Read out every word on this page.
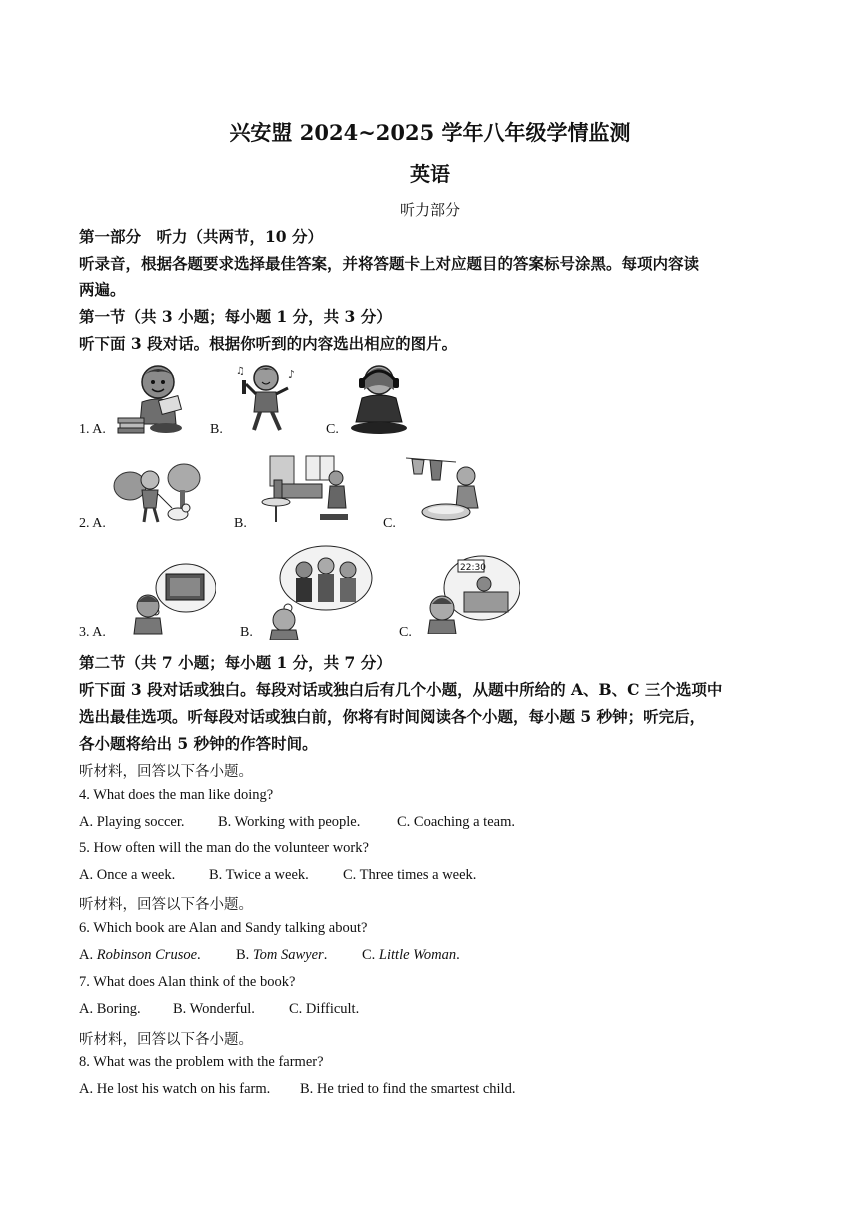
兴安盟 2024~2025 学年八年级学情监测
英语
听力部分
第一部分　听力（共两节，10 分）
听录音，根据各题要求选择最佳答案，并将答题卡上对应题目的答案标号涂黑。每项内容读
两遍。
第一节（共 3 小题；每小题 1 分，共 3 分）
听下面 3 段对话。根据你听到的内容选出相应的图片。
1. A.	B.	C.
♪
♫
2. A.	B.	C.
3. A.	B.	C.
22:30
第二节（共 7 小题；每小题 1 分，共 7 分）
听下面 3 段对话或独白。每段对话或独白后有几个小题，从题中所给的 A、B、C 三个选项中
选出最佳选项。听每段对话或独白前，你将有时间阅读各个小题，每小题 5 秒钟；听完后，
各小题将给出 5 秒钟的作答时间。
听材料，回答以下各小题。
4. What does the man like doing?
A. Playing soccer. B. Working with people.	C. Coaching a team.
5. How often will the man do the volunteer work?
A. Once a week. B. Twice a week. C. Three times a week.
听材料，回答以下各小题。
6. Which book are Alan and Sandy talking about?
A. Robinson Crusoe. B. Tom Sawyer. C. Little Woman.
7. What does Alan think of the book?
A. Boring. B. Wonderful. C. Difficult.
听材料，回答以下各小题。
8. What was the problem with the farmer?
A. He lost his watch on his farm. B. He tried to find the smartest child.
